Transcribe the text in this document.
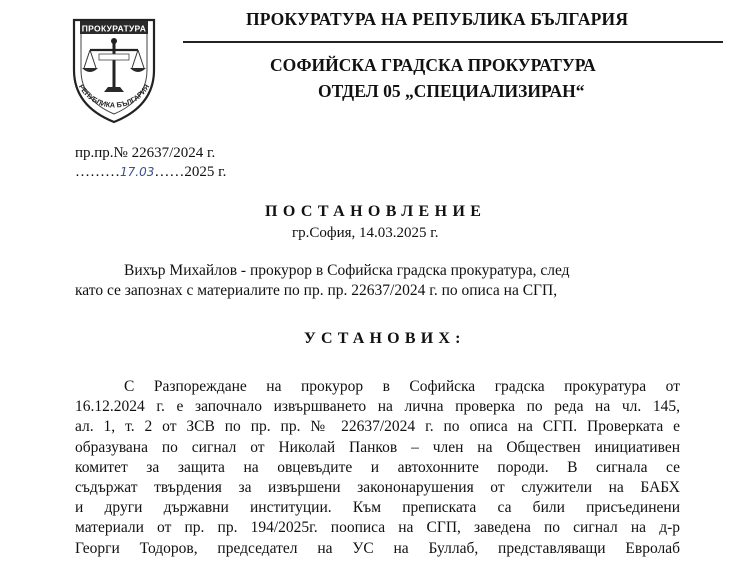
ПРОКУРАТУРА
РЕПУБЛИКА БЪЛГАРИЯ
ПРОКУРАТУРА НА РЕПУБЛИКА БЪЛГАРИЯ
СОФИЙСКА ГРАДСКА ПРОКУРАТУРА
ОТДЕЛ 05 „СПЕЦИАЛИЗИРАН“
пр.пр.№ 22637/2024 г.
………17.03……2025 г.
ПОСТАНОВЛЕНИЕ
гр.София, 14.03.2025 г.
Вихър Михайлов - прокурор в Софийска градска прокуратура, след
като се запознах с материалите по пр. пр. 22637/2024 г. по описа на СГП,
УСТАНОВИХ:
С Разпореждане на прокурор в Софийска градска прокуратура от
16.12.2024 г. е започнало извършването на лична проверка по реда на чл. 145,
ал. 1, т. 2 от ЗСВ по пр. пр. № 22637/2024 г. по описа на СГП. Проверката е
образувана по сигнал от Николай Панков – член на Обществен инициативен
комитет за защита на овцевъдите и автохонните породи. В сигнала се
съдържат твърдения за извършени закононарушения от служители на БАБХ
и други държавни институции. Към преписката са били присъединени
материали от пр. пр. 194/2025г. поописа на СГП, заведена по сигнал на д-р
Георги Тодоров, председател на УС на Буллаб, представляващи Евролаб
